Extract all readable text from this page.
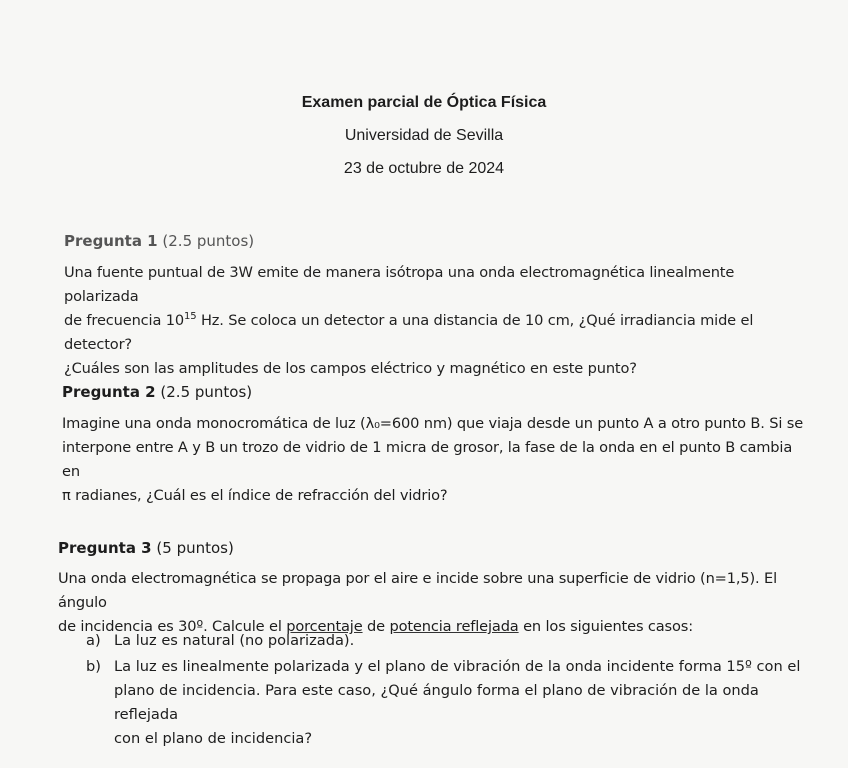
Examen parcial de Óptica Física
Universidad de Sevilla
23 de octubre de 2024
Pregunta 1 (2.5 puntos)
Una fuente puntual de 3W emite de manera isótropa una onda electromagnética linealmente polarizada
de frecuencia $10^{15}$ Hz. Se coloca un detector a una distancia de 10 cm, ¿Qué irradiancia mide el detector?
¿Cuáles son las amplitudes de los campos eléctrico y magnético en este punto?
Pregunta 2 (2.5 puntos)
Imagine una onda monocromática de luz (λ₀=600 nm) que viaja desde un punto A a otro punto B. Si se
interpone entre A y B un trozo de vidrio de 1 micra de grosor, la fase de la onda en el punto B cambia en
π radianes, ¿Cuál es el índice de refracción del vidrio?
Pregunta 3 (5 puntos)
Una onda electromagnética se propaga por el aire e incide sobre una superficie de vidrio (n=1,5). El ángulo
de incidencia es 30º. Calcule el porcentaje de potencia reflejada en los siguientes casos:
a) La luz es natural (no polarizada).
b) La luz es linealmente polarizada y el plano de vibración de la onda incidente forma 15º con el
plano de incidencia. Para este caso, ¿Qué ángulo forma el plano de vibración de la onda reflejada
con el plano de incidencia?
